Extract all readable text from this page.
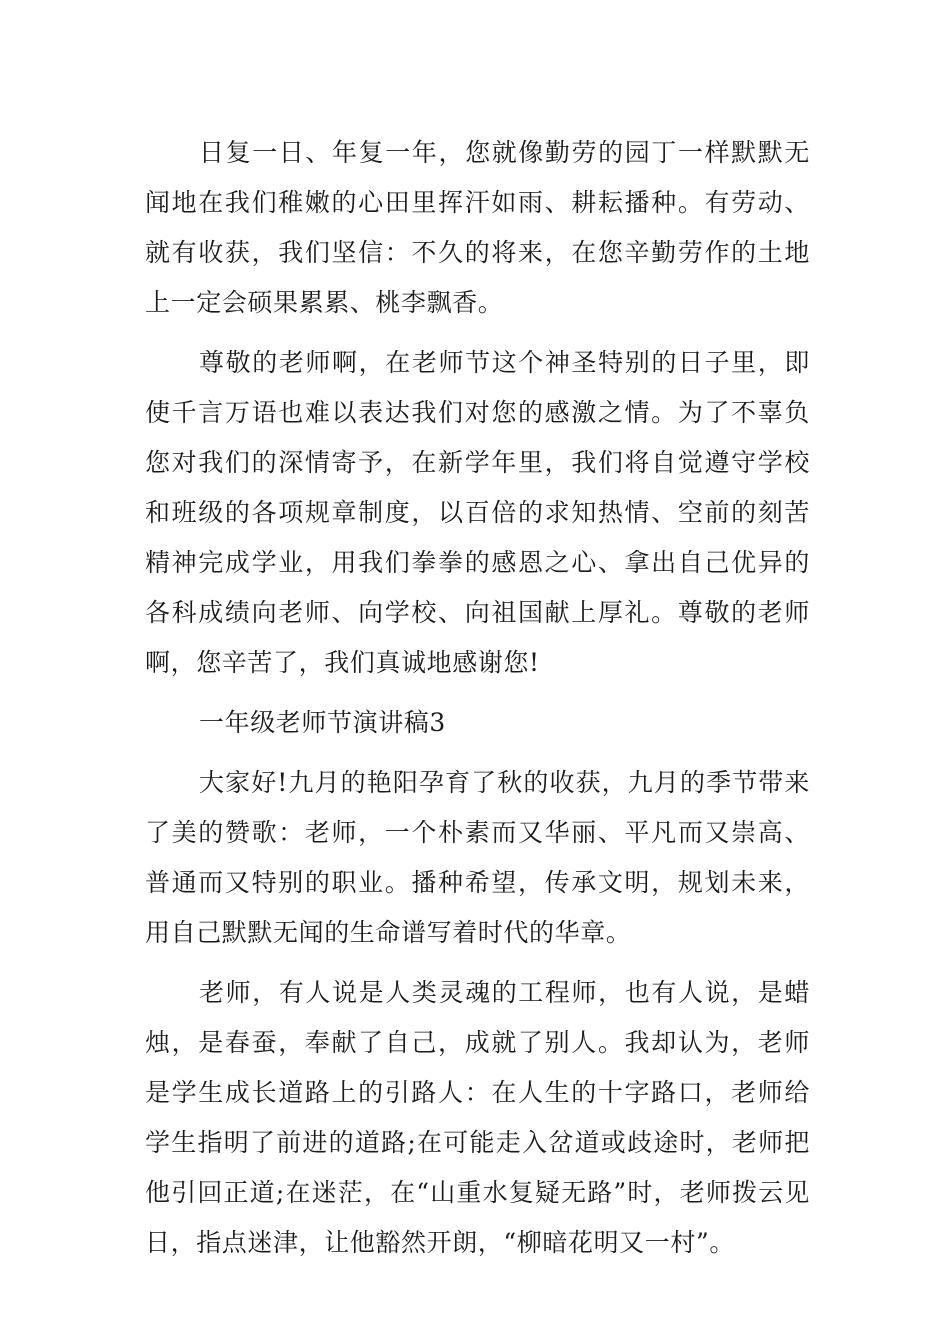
日复一日、年复一年，您就像勤劳的园丁一样默默无闻地在我们稚嫩的心田里挥汗如雨、耕耘播种。有劳动、就有收获，我们坚信：不久的将来，在您辛勤劳作的土地上一定会硕果累累、桃李飘香。

尊敬的老师啊，在老师节这个神圣特别的日子里，即使千言万语也难以表达我们对您的感激之情。为了不辜负您对我们的深情寄予，在新学年里，我们将自觉遵守学校和班级的各项规章制度，以百倍的求知热情、空前的刻苦精神完成学业，用我们拳拳的感恩之心、拿出自己优异的各科成绩向老师、向学校、向祖国献上厚礼。尊敬的老师啊，您辛苦了，我们真诚地感谢您!

一年级老师节演讲稿3

大家好!九月的艳阳孕育了秋的收获，九月的季节带来了美的赞歌：老师，一个朴素而又华丽、平凡而又崇高、普通而又特别的职业。播种希望，传承文明，规划未来，用自己默默无闻的生命谱写着时代的华章。

老师，有人说是人类灵魂的工程师，也有人说，是蜡烛，是春蚕，奉献了自己，成就了别人。我却认为，老师是学生成长道路上的引路人：在人生的十字路口，老师给学生指明了前进的道路;在可能走入岔道或歧途时，老师把他引回正道;在迷茫，在“山重水复疑无路”时，老师拨云见日，指点迷津，让他豁然开朗，“柳暗花明又一村”。
